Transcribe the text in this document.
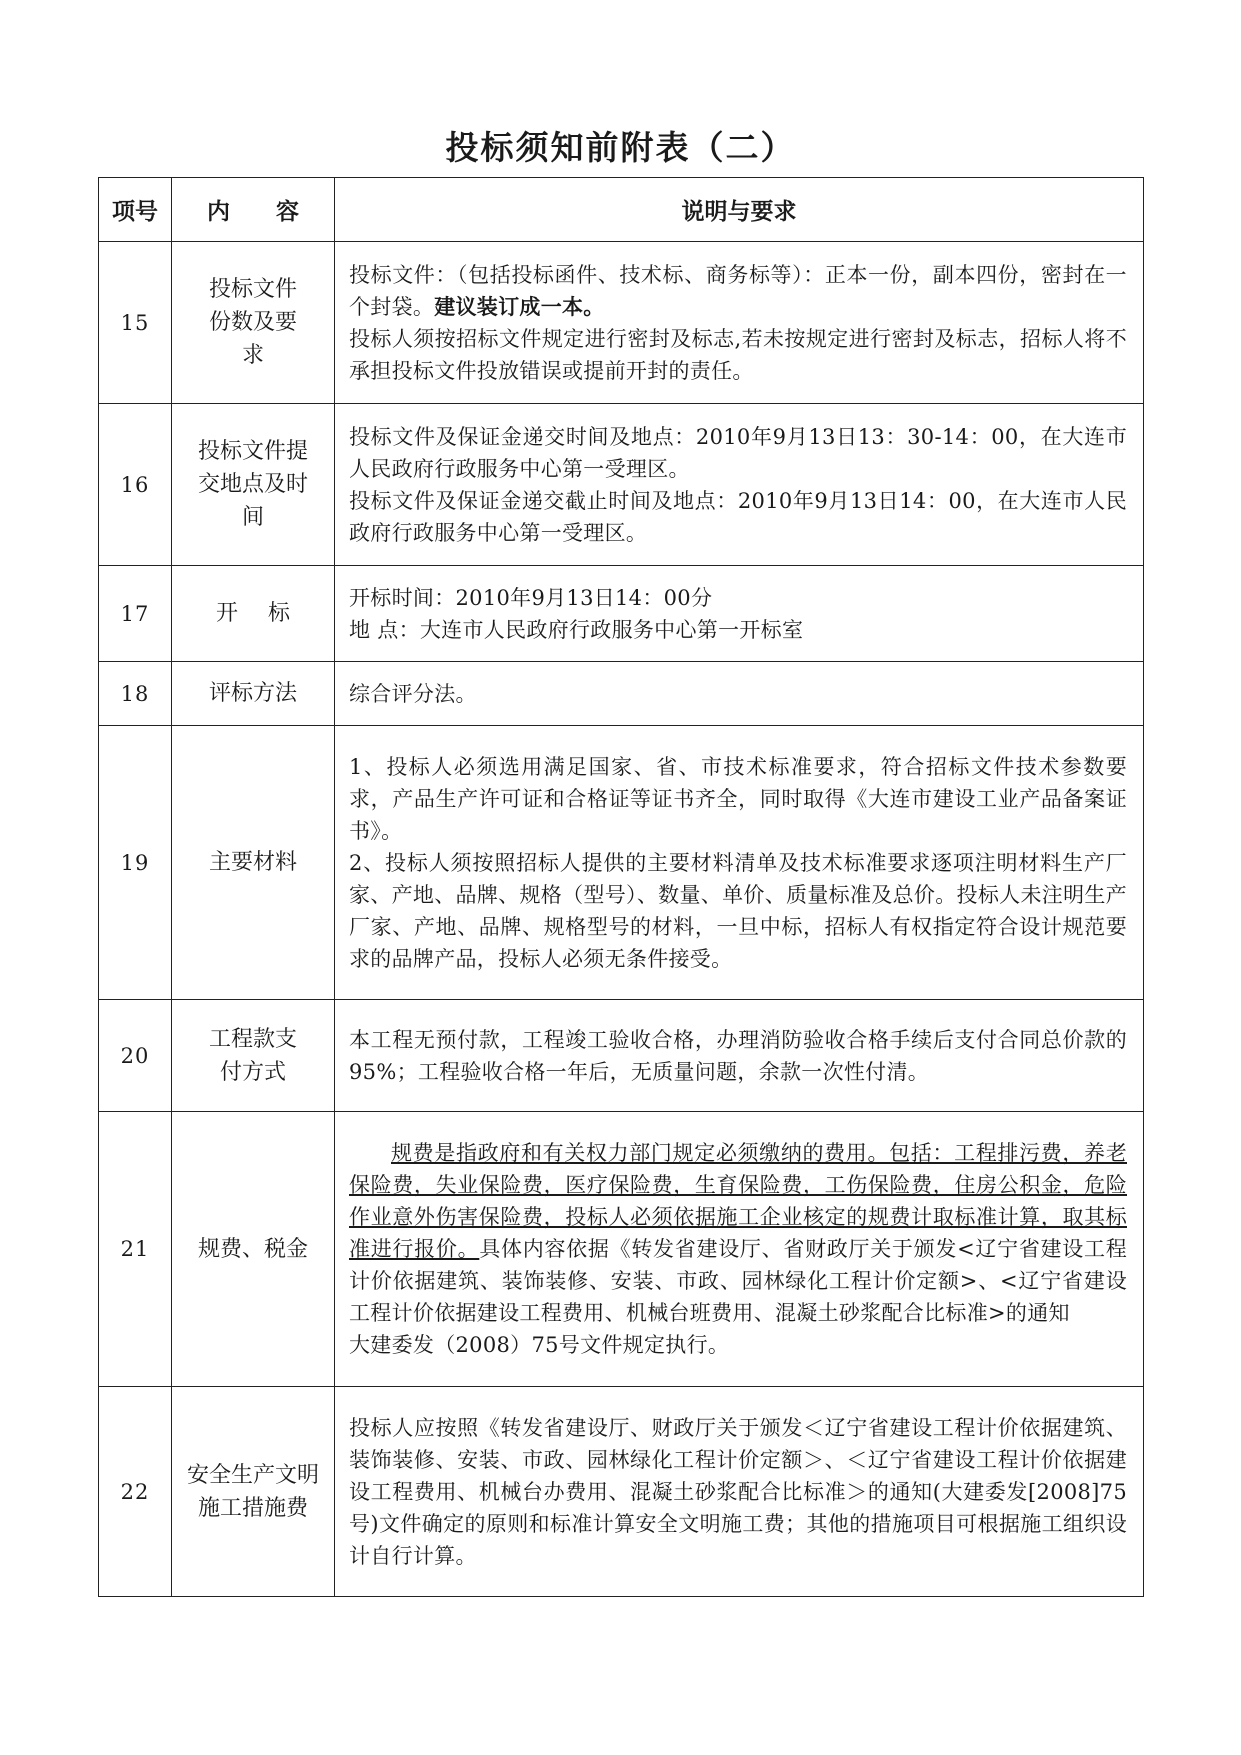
投标须知前附表（二）
项号	内　　容	说明与要求
15	投标文件份数及要求	投标文件：（包括投标函件、技术标、商务标等）：正本一份，副本四份，密封在一个封袋。建议装订成一本。

投标人须按招标文件规定进行密封及标志,若未按规定进行密封及标志，招标人将不承担投标文件投放错误或提前开封的责任。

16	投标文件提交地点及时间	投标文件及保证金递交时间及地点：2010年9月13日13：30-14：00，在大连市人民政府行政服务中心第一受理区。

投标文件及保证金递交截止时间及地点：2010年9月13日14：00，在大连市人民政府行政服务中心第一受理区。

17	开标	开标时间：2010年9月13日14：00分

地 点：大连市人民政府行政服务中心第一开标室

18	评标方法	综合评分法。

19	主要材料	1、投标人必须选用满足国家、省、市技术标准要求，符合招标文件技术参数要求，产品生产许可证和合格证等证书齐全，同时取得《大连市建设工业产品备案证书》。

2、投标人须按照招标人提供的主要材料清单及技术标准要求逐项注明材料生产厂家、产地、品牌、规格（型号）、数量、单价、质量标准及总价。投标人未注明生产厂家、产地、品牌、规格型号的材料，一旦中标，招标人有权指定符合设计规范要求的品牌产品，投标人必须无条件接受。

20	工程款支付方式	本工程无预付款，工程竣工验收合格，办理消防验收合格手续后支付合同总价款的95%；工程验收合格一年后，无质量问题，余款一次性付清。

21	规费、税金	规费是指政府和有关权力部门规定必须缴纳的费用。包括：工程排污费，养老保险费，失业保险费，医疗保险费，生育保险费，工伤保险费，住房公积金，危险作业意外伤害保险费，投标人必须依据施工企业核定的规费计取标准计算，取其标准进行报价。具体内容依据《转发省建设厅、省财政厅关于颁发<辽宁省建设工程计价依据建筑、装饰装修、安装、市政、园林绿化工程计价定额>、<辽宁省建设工程计价依据建设工程费用、机械台班费用、混凝土砂浆配合比标准>的通知

大建委发（2008）75号文件规定执行。

22	安全生产文明施工措施费	投标人应按照《转发省建设厅、财政厅关于颁发＜辽宁省建设工程计价依据建筑、装饰装修、安装、市政、园林绿化工程计价定额＞、＜辽宁省建设工程计价依据建设工程费用、机械台办费用、混凝土砂浆配合比标准＞的通知(大建委发[2008]75号)文件确定的原则和标准计算安全文明施工费；其他的措施项目可根据施工组织设计自行计算。
